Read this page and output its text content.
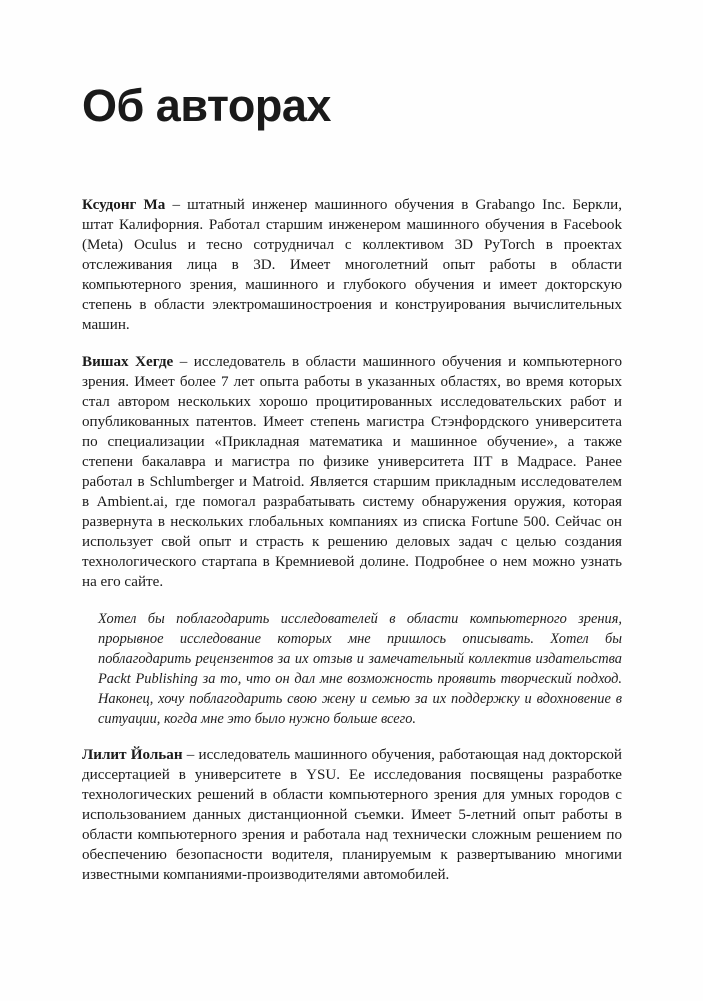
Об авторах

Ксудонг Ма – штатный инженер машинного обучения в Grabango Inc. Беркли, штат Калифорния. Работал старшим инженером машинного обучения в Facebook (Meta) Oculus и тесно сотрудничал с коллективом 3D PyTorch в проектах отслеживания лица в 3D. Имеет многолетний опыт работы в области компьютерного зрения, машинного и глубокого обучения и имеет докторскую степень в области электромашиностроения и конструирования вычислительных машин.

Вишах Хегде – исследователь в области машинного обучения и компьютерного зрения. Имеет более 7 лет опыта работы в указанных областях, во время которых стал автором нескольких хорошо процитированных исследовательских работ и опубликованных патентов. Имеет степень магистра Стэнфордского университета по специализации «Прикладная математика и машинное обучение», а также степени бакалавра и магистра по физике университета IIT в Мадрасе. Ранее работал в Schlumberger и Matroid. Является старшим прикладным исследователем в Ambient.ai, где помогал разрабатывать систему обнаружения оружия, которая развернута в нескольких глобальных компаниях из списка Fortune 500. Сейчас он использует свой опыт и страсть к решению деловых задач с целью создания технологического стартапа в Кремниевой долине. Подробнее о нем можно узнать на его сайте.

Хотел бы поблагодарить исследователей в области компьютерного зрения, прорывное исследование которых мне пришлось описывать. Хотел бы поблагодарить рецензентов за их отзыв и замечательный коллектив издательства Packt Publishing за то, что он дал мне возможность проявить творческий подход. Наконец, хочу поблагодарить свою жену и семью за их поддержку и вдохновение в ситуации, когда мне это было нужно больше всего.

Лилит Йольан – исследователь машинного обучения, работающая над докторской диссертацией в университете в YSU. Ее исследования посвящены разработке технологических решений в области компьютерного зрения для умных городов с использованием данных дистанционной съемки. Имеет 5-летний опыт работы в области компьютерного зрения и работала над технически сложным решением по обеспечению безопасности водителя, планируемым к развертыванию многими известными компаниями-производителями автомобилей.
